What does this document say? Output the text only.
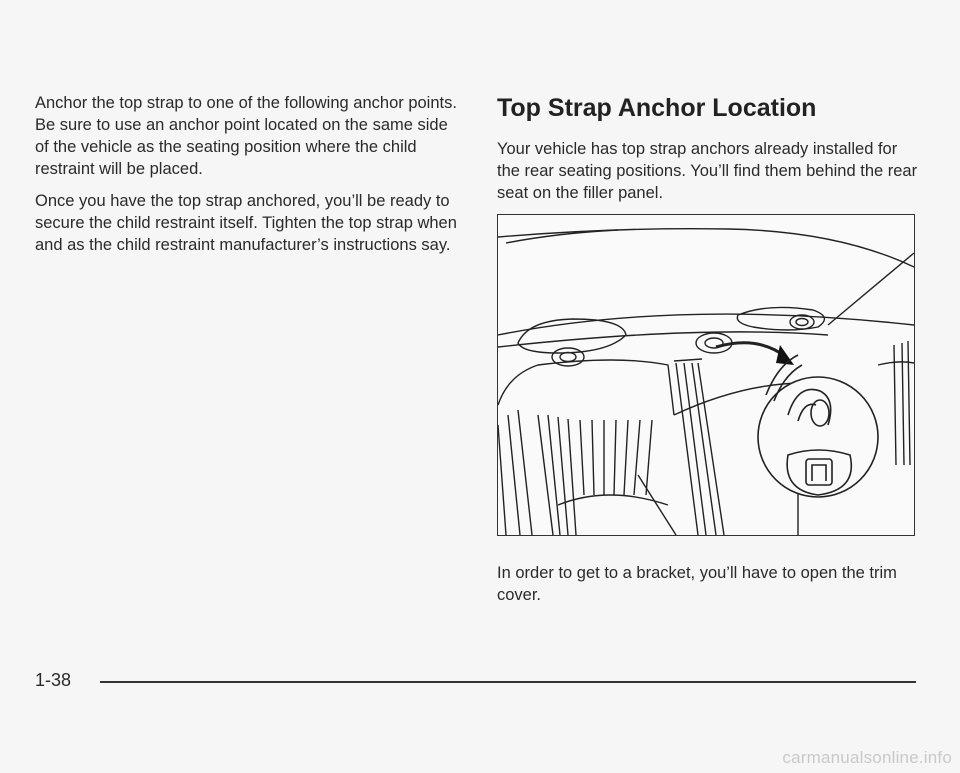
Anchor the top strap to one of the following anchor points. Be sure to use an anchor point located on the same side of the vehicle as the seating position where the child restraint will be placed.

Once you have the top strap anchored, you’ll be ready to secure the child restraint itself. Tighten the top strap when and as the child restraint manufacturer’s instructions say.

Top Strap Anchor Location

Your vehicle has top strap anchors already installed for the rear seating positions. You’ll find them behind the rear seat on the filler panel.

In order to get to a bracket, you’ll have to open the trim cover.

1-38
carmanualsonline.info
